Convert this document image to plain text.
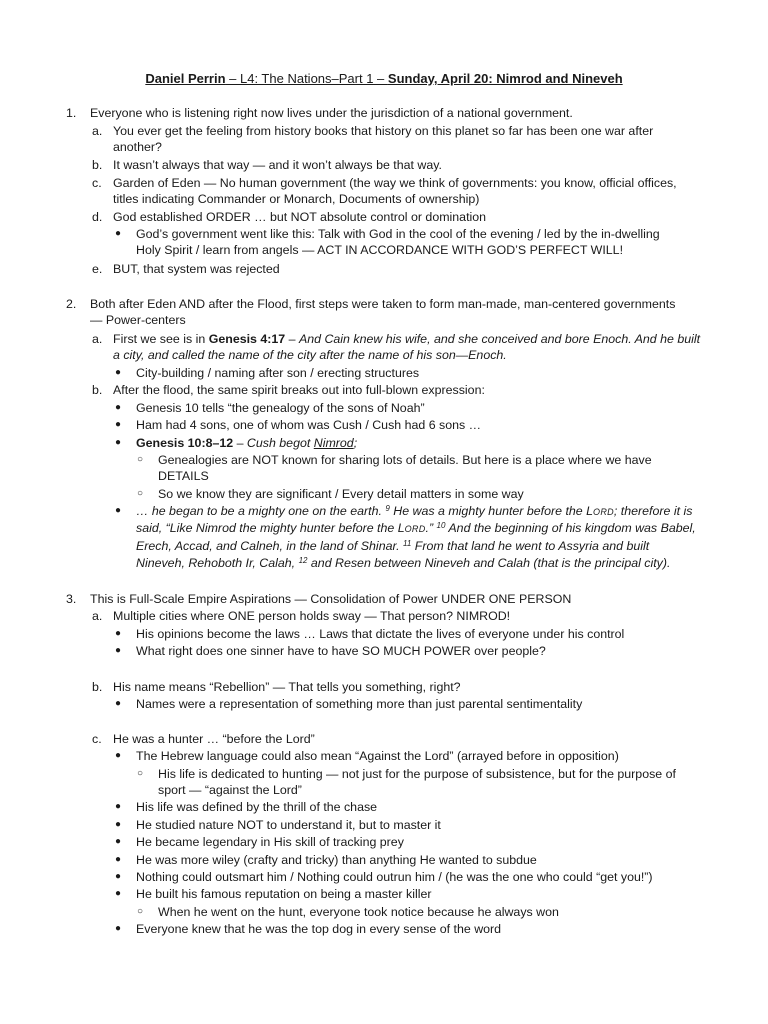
Daniel Perrin – L4: The Nations–Part 1 – Sunday, April 20: Nimrod and Nineveh
1. Everyone who is listening right now lives under the jurisdiction of a national government.
a. You ever get the feeling from history books that history on this planet so far has been one war after
another?
b. It wasn’t always that way — and it won’t always be that way.
c. Garden of Eden — No human government (the way we think of governments: you know, official offices,
titles indicating Commander or Monarch, Documents of ownership)
d. God established ORDER … but NOT absolute control or domination
● God’s government went like this: Talk with God in the cool of the evening / led by the in-dwelling
Holy Spirit / learn from angels — ACT IN ACCORDANCE WITH GOD’S PERFECT WILL!
e. BUT, that system was rejected
2. Both after Eden AND after the Flood, first steps were taken to form man-made, man-centered governments
— Power-centers
a. First we see is in Genesis 4:17 – And Cain knew his wife, and she conceived and bore Enoch. And he built
a city, and called the name of the city after the name of his son—Enoch.
● City-building / naming after son / erecting structures
b. After the flood, the same spirit breaks out into full-blown expression:
● Genesis 10 tells “the genealogy of the sons of Noah”
● Ham had 4 sons, one of whom was Cush / Cush had 6 sons …
● Genesis 10:8–12 – Cush begot Nimrod;
○ Genealogies are NOT known for sharing lots of details. But here is a place where we have
DETAILS
○ So we know they are significant / Every detail matters in some way
● … he began to be a mighty one on the earth. $^9$ He was a mighty hunter before the LORD; therefore it is
said, “Like Nimrod the mighty hunter before the LORD.” $^{10}$ And the beginning of his kingdom was Babel,
Erech, Accad, and Calneh, in the land of Shinar. $^{11}$ From that land he went to Assyria and built
Nineveh, Rehoboth Ir, Calah, $^{12}$ and Resen between Nineveh and Calah (that is the principal city).
3. This is Full-Scale Empire Aspirations — Consolidation of Power UNDER ONE PERSON
a. Multiple cities where ONE person holds sway — That person? NIMROD!
● His opinions become the laws … Laws that dictate the lives of everyone under his control
● What right does one sinner have to have SO MUCH POWER over people?
b. His name means “Rebellion” — That tells you something, right?
● Names were a representation of something more than just parental sentimentality
c. He was a hunter … “before the Lord”
● The Hebrew language could also mean “Against the Lord” (arrayed before in opposition)
○ His life is dedicated to hunting — not just for the purpose of subsistence, but for the purpose of
sport — “against the Lord”
● His life was defined by the thrill of the chase
● He studied nature NOT to understand it, but to master it
● He became legendary in His skill of tracking prey
● He was more wiley (crafty and tricky) than anything He wanted to subdue
● Nothing could outsmart him / Nothing could outrun him / (he was the one who could “get you!”)
● He built his famous reputation on being a master killer
○ When he went on the hunt, everyone took notice because he always won
● Everyone knew that he was the top dog in every sense of the word
